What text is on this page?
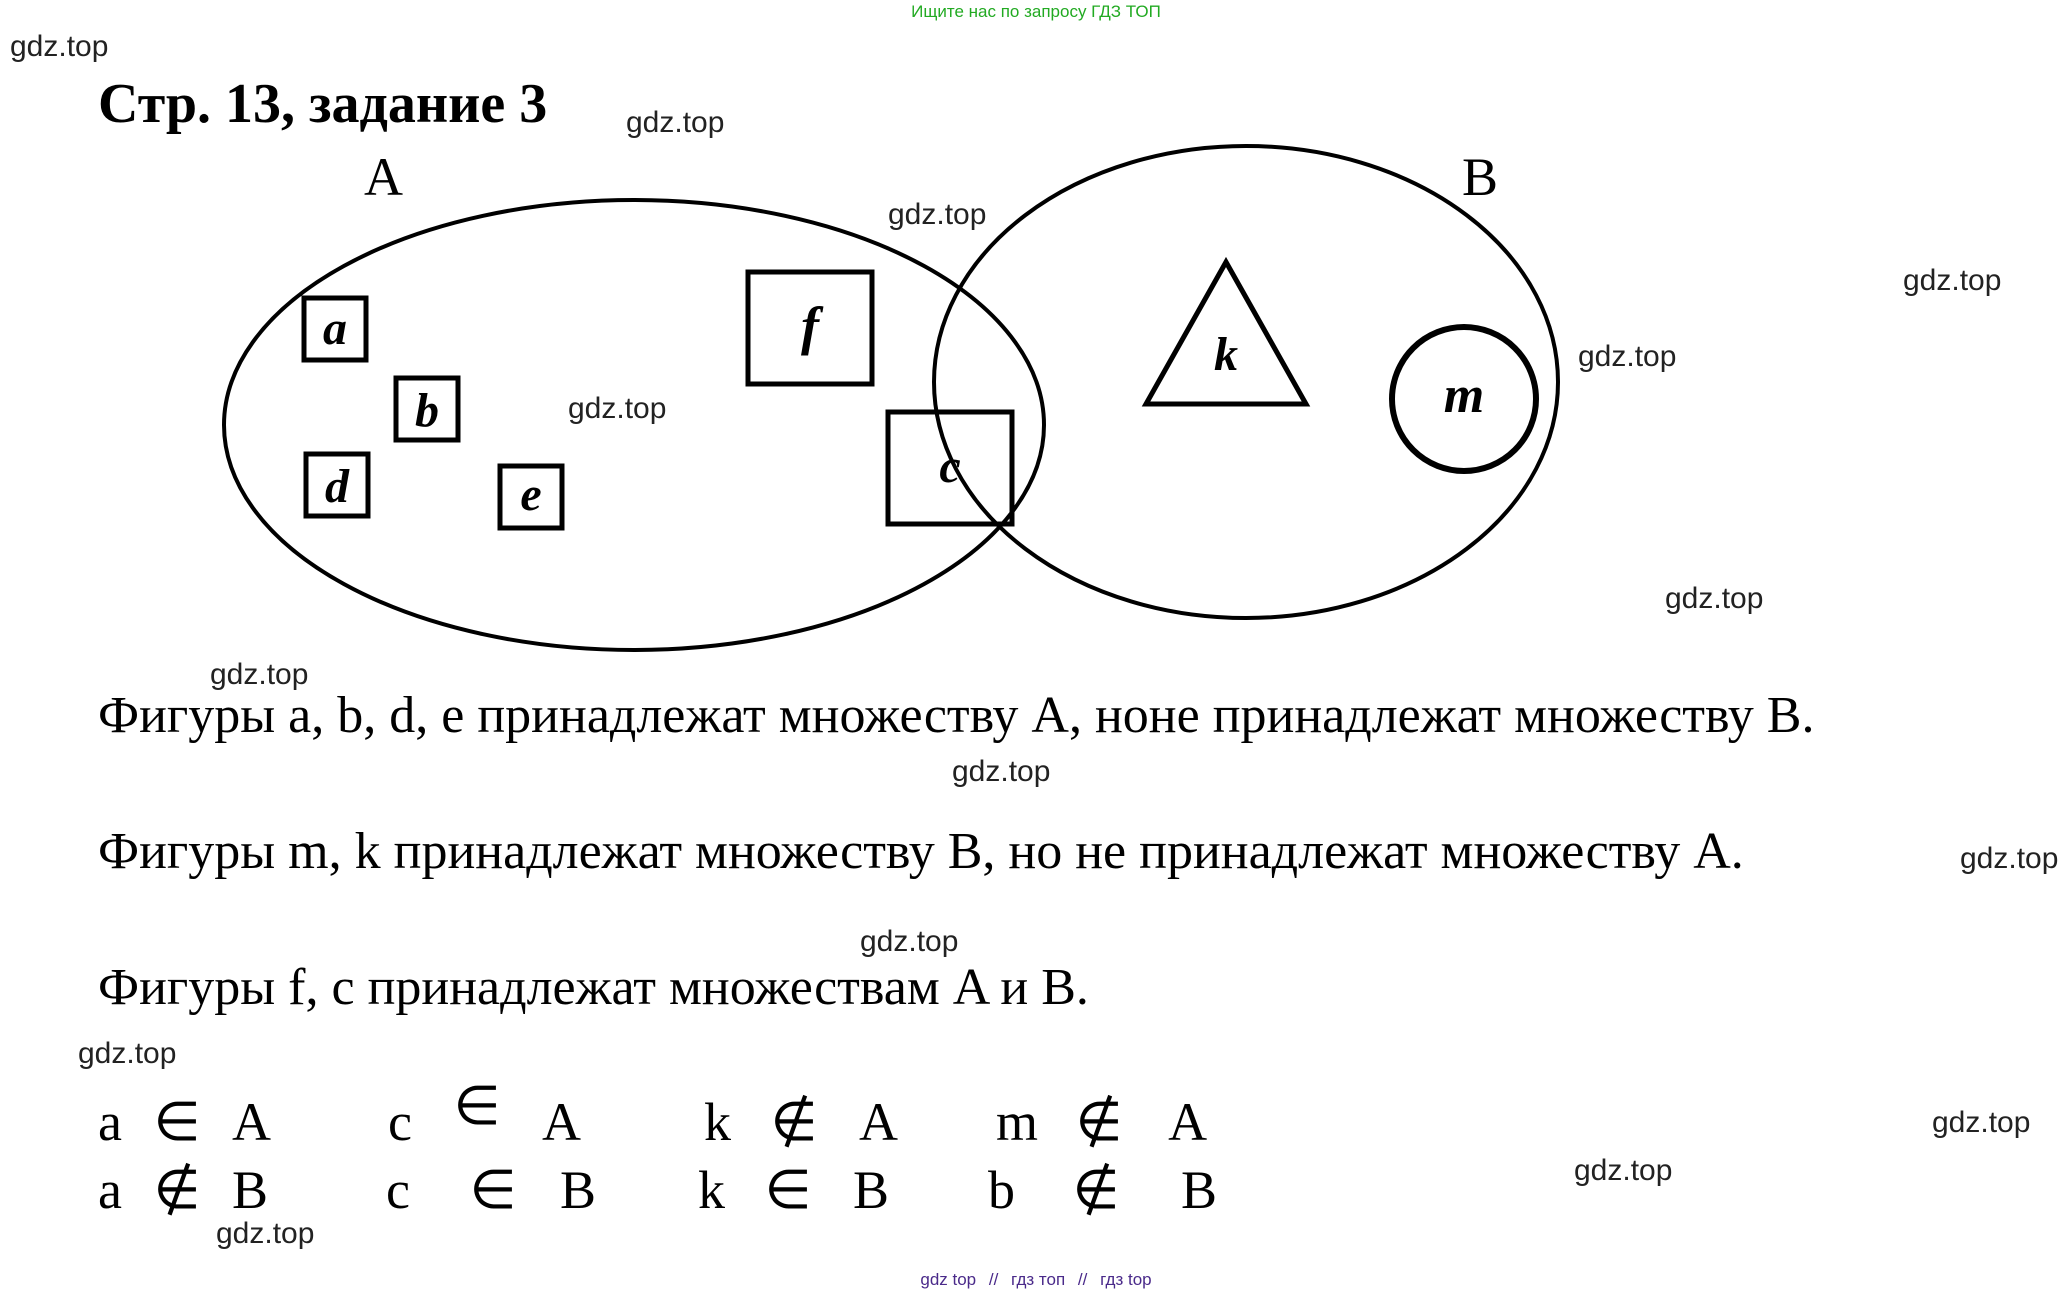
Ищите нас по запросу ГДЗ ТОП
gdz.top
gdz.top
gdz.top
gdz.top
gdz.top
gdz.top
gdz.top
gdz.top
gdz.top
gdz.top
gdz.top
gdz.top
gdz.top
gdz.top
gdz.top
Стр. 13, задание 3
A	B
a
b
d	e
f
c
k
m
Фигуры a, b, d, e принадлежат множеству A, ноне принадлежат множеству B.
Фигуры m, k принадлежат множеству B, но не принадлежат множеству A.
Фигуры f, c принадлежат множествам A и B.
a ∈ A c ∈ A k ∉ A m ∉ A
a ∉ B c ∈ B k ∈ B b ∉ B
gdz top // гдз топ // гдз top
